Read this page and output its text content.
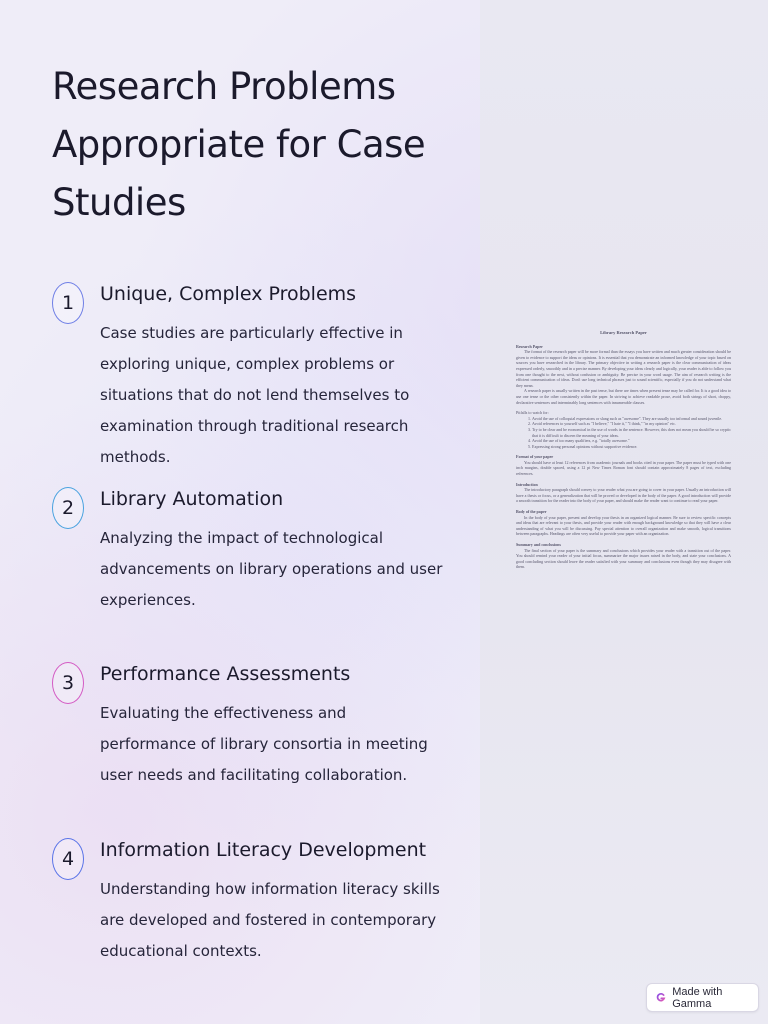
Research Problems Appropriate for Case Studies
1	Unique, Complex Problems
Case studies are particularly effective in exploring unique, complex problems or situations that do not lend themselves to examination through traditional research methods.
2	Library Automation
Analyzing the impact of technological advancements on library operations and user experiences.
3	Performance Assessments
Evaluating the effectiveness and performance of library consortia in meeting user needs and facilitating collaboration.
4	Information Literacy Development
Understanding how information literacy skills are developed and fostered in contemporary educational contexts.
Library Research Paper
Research Paper

The format of the research paper will be more formal than the essays you have written and much greater consideration should be given to evidence to support the ideas or opinions. It is essential that you demonstrate an informed knowledge of your topic based on sources you have researched in the library. The primary objective in writing a research paper is the clear communication of ideas expressed orderly, smoothly and in a precise manner. By developing your ideas clearly and logically, your reader is able to follow you from one thought to the next, without confusion or ambiguity. Be precise in your word usage. The aim of research writing is the efficient communication of ideas. Don't use long technical phrases just to sound scientific, especially if you do not understand what they mean.

A research paper is usually written in the past tense, but there are times when present tense may be called for. It is a good idea to use one tense or the other consistently within the paper. In striving to achieve readable prose, avoid both strings of short, choppy, declarative sentences and interminably long sentences with innumerable clauses.

Pitfalls to watch for:
1. Avoid the use of colloquial expressions or slang such as "awesome". They are usually too informal and sound juvenile.
2. Avoid references to yourself such as "I believe," "I hate it," "I think," "in my opinion" etc.
3. Try to be clear and be economical in the use of words in the sentence. However, this does not mean you should be so cryptic that it is difficult to discern the meaning of your ideas.
4. Avoid the use of too many qualifiers, e.g. "totally awesome."
5. Expressing strong personal opinions without supportive evidence.
Format of your paper

You should have at least 12 references from academic journals and books cited in your paper. The paper must be typed with one inch margins, double spaced, using a 12 pt New Times Roman font should contain approximately 8 pages of text, excluding references.

Introduction

The introductory paragraph should convey to your reader what you are going to cover in your paper. Usually an introduction will have a thesis or focus, or a generalization that will be proved or developed in the body of the paper. A good introduction will provide a smooth transition for the reader into the body of your paper, and should make the reader want to continue to read your paper.

Body of the paper

In the body of your paper, present and develop your thesis in an organized logical manner. Be sure to review specific concepts and ideas that are relevant to your thesis, and provide your reader with enough background knowledge so that they will have a clear understanding of what you will be discussing. Pay special attention to overall organization and make smooth, logical transitions between paragraphs. Headings are often very useful to provide your paper with an organization.

Summary and conclusions

The final section of your paper is the summary and conclusions which provides your reader with a transition out of the paper. You should remind your reader of your initial focus, summarize the major issues raised in the body, and state your conclusions. A good concluding section should leave the reader satisfied with your summary and conclusions even though they may disagree with them.

Made with Gamma
